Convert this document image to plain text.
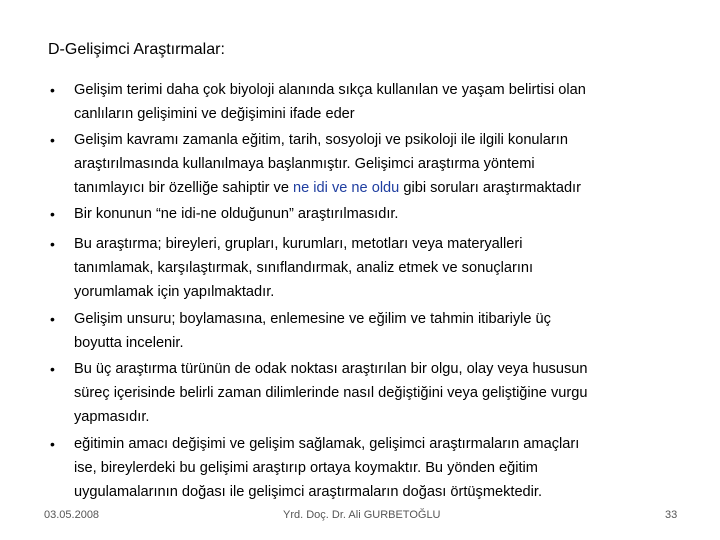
D-Gelişimci Araştırmalar:
•	Gelişim terimi daha çok biyoloji alanında sıkça kullanılan ve yaşam belirtisi olan
canlıların gelişimini ve değişimini ifade eder
•	Gelişim kavramı zamanla eğitim, tarih, sosyoloji ve psikoloji ile ilgili konuların
araştırılmasında kullanılmaya başlanmıştır. Gelişimci araştırma yöntemi
tanımlayıcı bir özelliğe sahiptir ve ne idi ve ne oldu gibi soruları araştırmaktadır
•	Bir konunun “ne idi-ne olduğunun” araştırılmasıdır.
•	Bu araştırma; bireyleri, grupları, kurumları, metotları veya materyalleri
tanımlamak, karşılaştırmak, sınıflandırmak, analiz etmek ve sonuçlarını
yorumlamak için yapılmaktadır.
•	Gelişim unsuru; boylamasına, enlemesine ve eğilim ve tahmin itibariyle üç
boyutta incelenir.
•	Bu üç araştırma türünün de odak noktası araştırılan bir olgu, olay veya hususun
süreç içerisinde belirli zaman dilimlerinde nasıl değiştiğini veya geliştiğine vurgu
yapmasıdır.
•	eğitimin amacı değişimi ve gelişim sağlamak, gelişimci araştırmaların amaçları
ise, bireylerdeki bu gelişimi araştırıp ortaya koymaktır. Bu yönden eğitim
uygulamalarının doğası ile gelişimci araştırmaların doğası örtüşmektedir.
03.05.2008	Yrd. Doç. Dr. Ali GURBETOĞLU	33
